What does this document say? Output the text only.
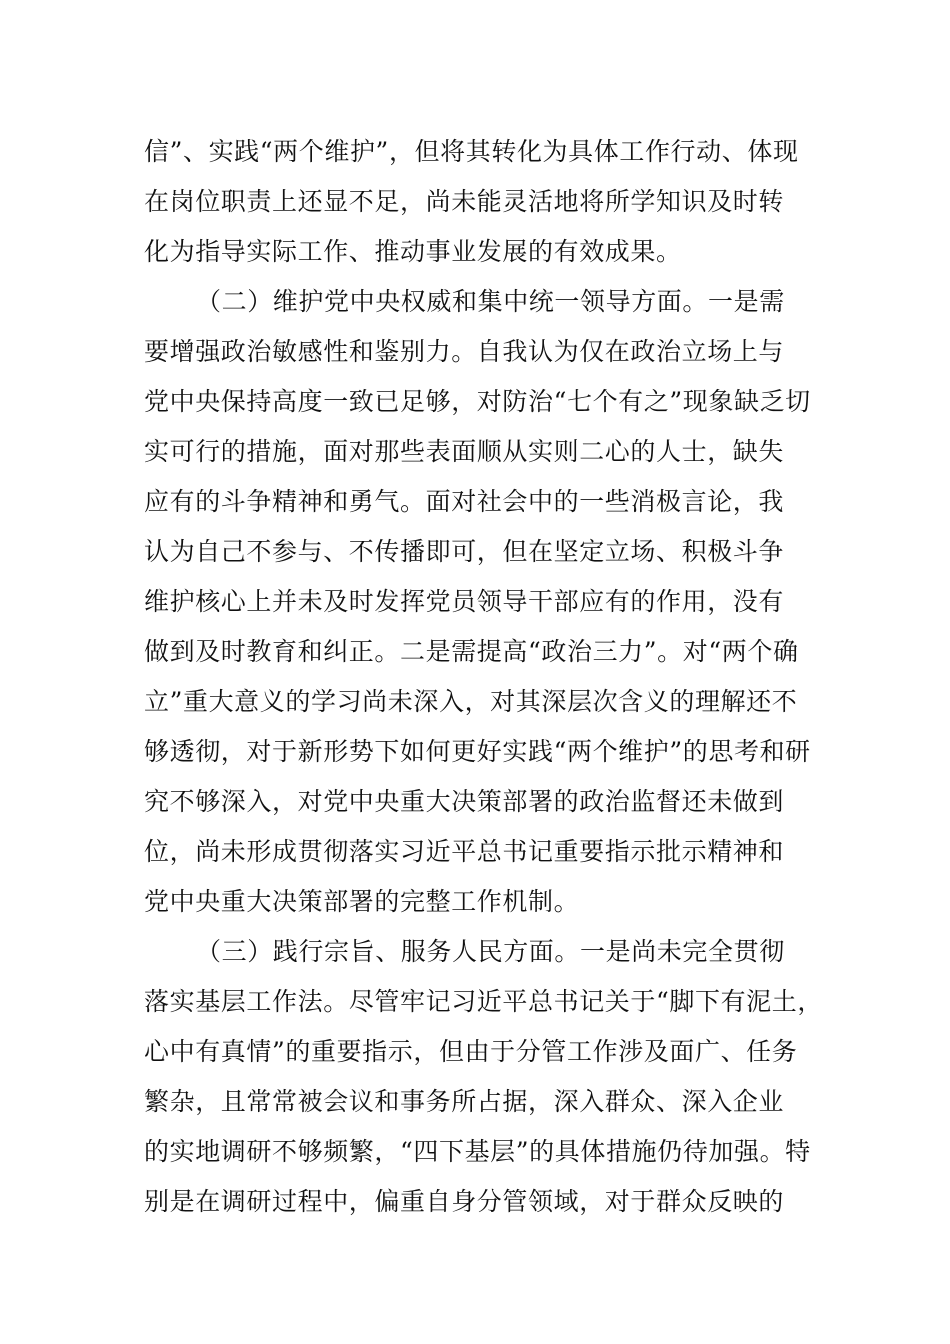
信”、实践“两个维护”，但将其转化为具体工作行动、体现
在岗位职责上还显不足，尚未能灵活地将所学知识及时转
化为指导实际工作、推动事业发展的有效成果。
（二）维护党中央权威和集中统一领导方面。一是需
要增强政治敏感性和鉴别力。自我认为仅在政治立场上与
党中央保持高度一致已足够，对防治“七个有之”现象缺乏切
实可行的措施，面对那些表面顺从实则二心的人士，缺失
应有的斗争精神和勇气。面对社会中的一些消极言论，我
认为自己不参与、不传播即可，但在坚定立场、积极斗争
维护核心上并未及时发挥党员领导干部应有的作用，没有
做到及时教育和纠正。二是需提高“政治三力”。对“两个确
立”重大意义的学习尚未深入，对其深层次含义的理解还不
够透彻，对于新形势下如何更好实践“两个维护”的思考和研
究不够深入，对党中央重大决策部署的政治监督还未做到
位，尚未形成贯彻落实习近平总书记重要指示批示精神和
党中央重大决策部署的完整工作机制。
（三）践行宗旨、服务人民方面。一是尚未完全贯彻
落实基层工作法。尽管牢记习近平总书记关于“脚下有泥土，
心中有真情”的重要指示，但由于分管工作涉及面广、任务
繁杂，且常常被会议和事务所占据，深入群众、深入企业
的实地调研不够频繁，“四下基层”的具体措施仍待加强。特
别是在调研过程中，偏重自身分管领域，对于群众反映的
